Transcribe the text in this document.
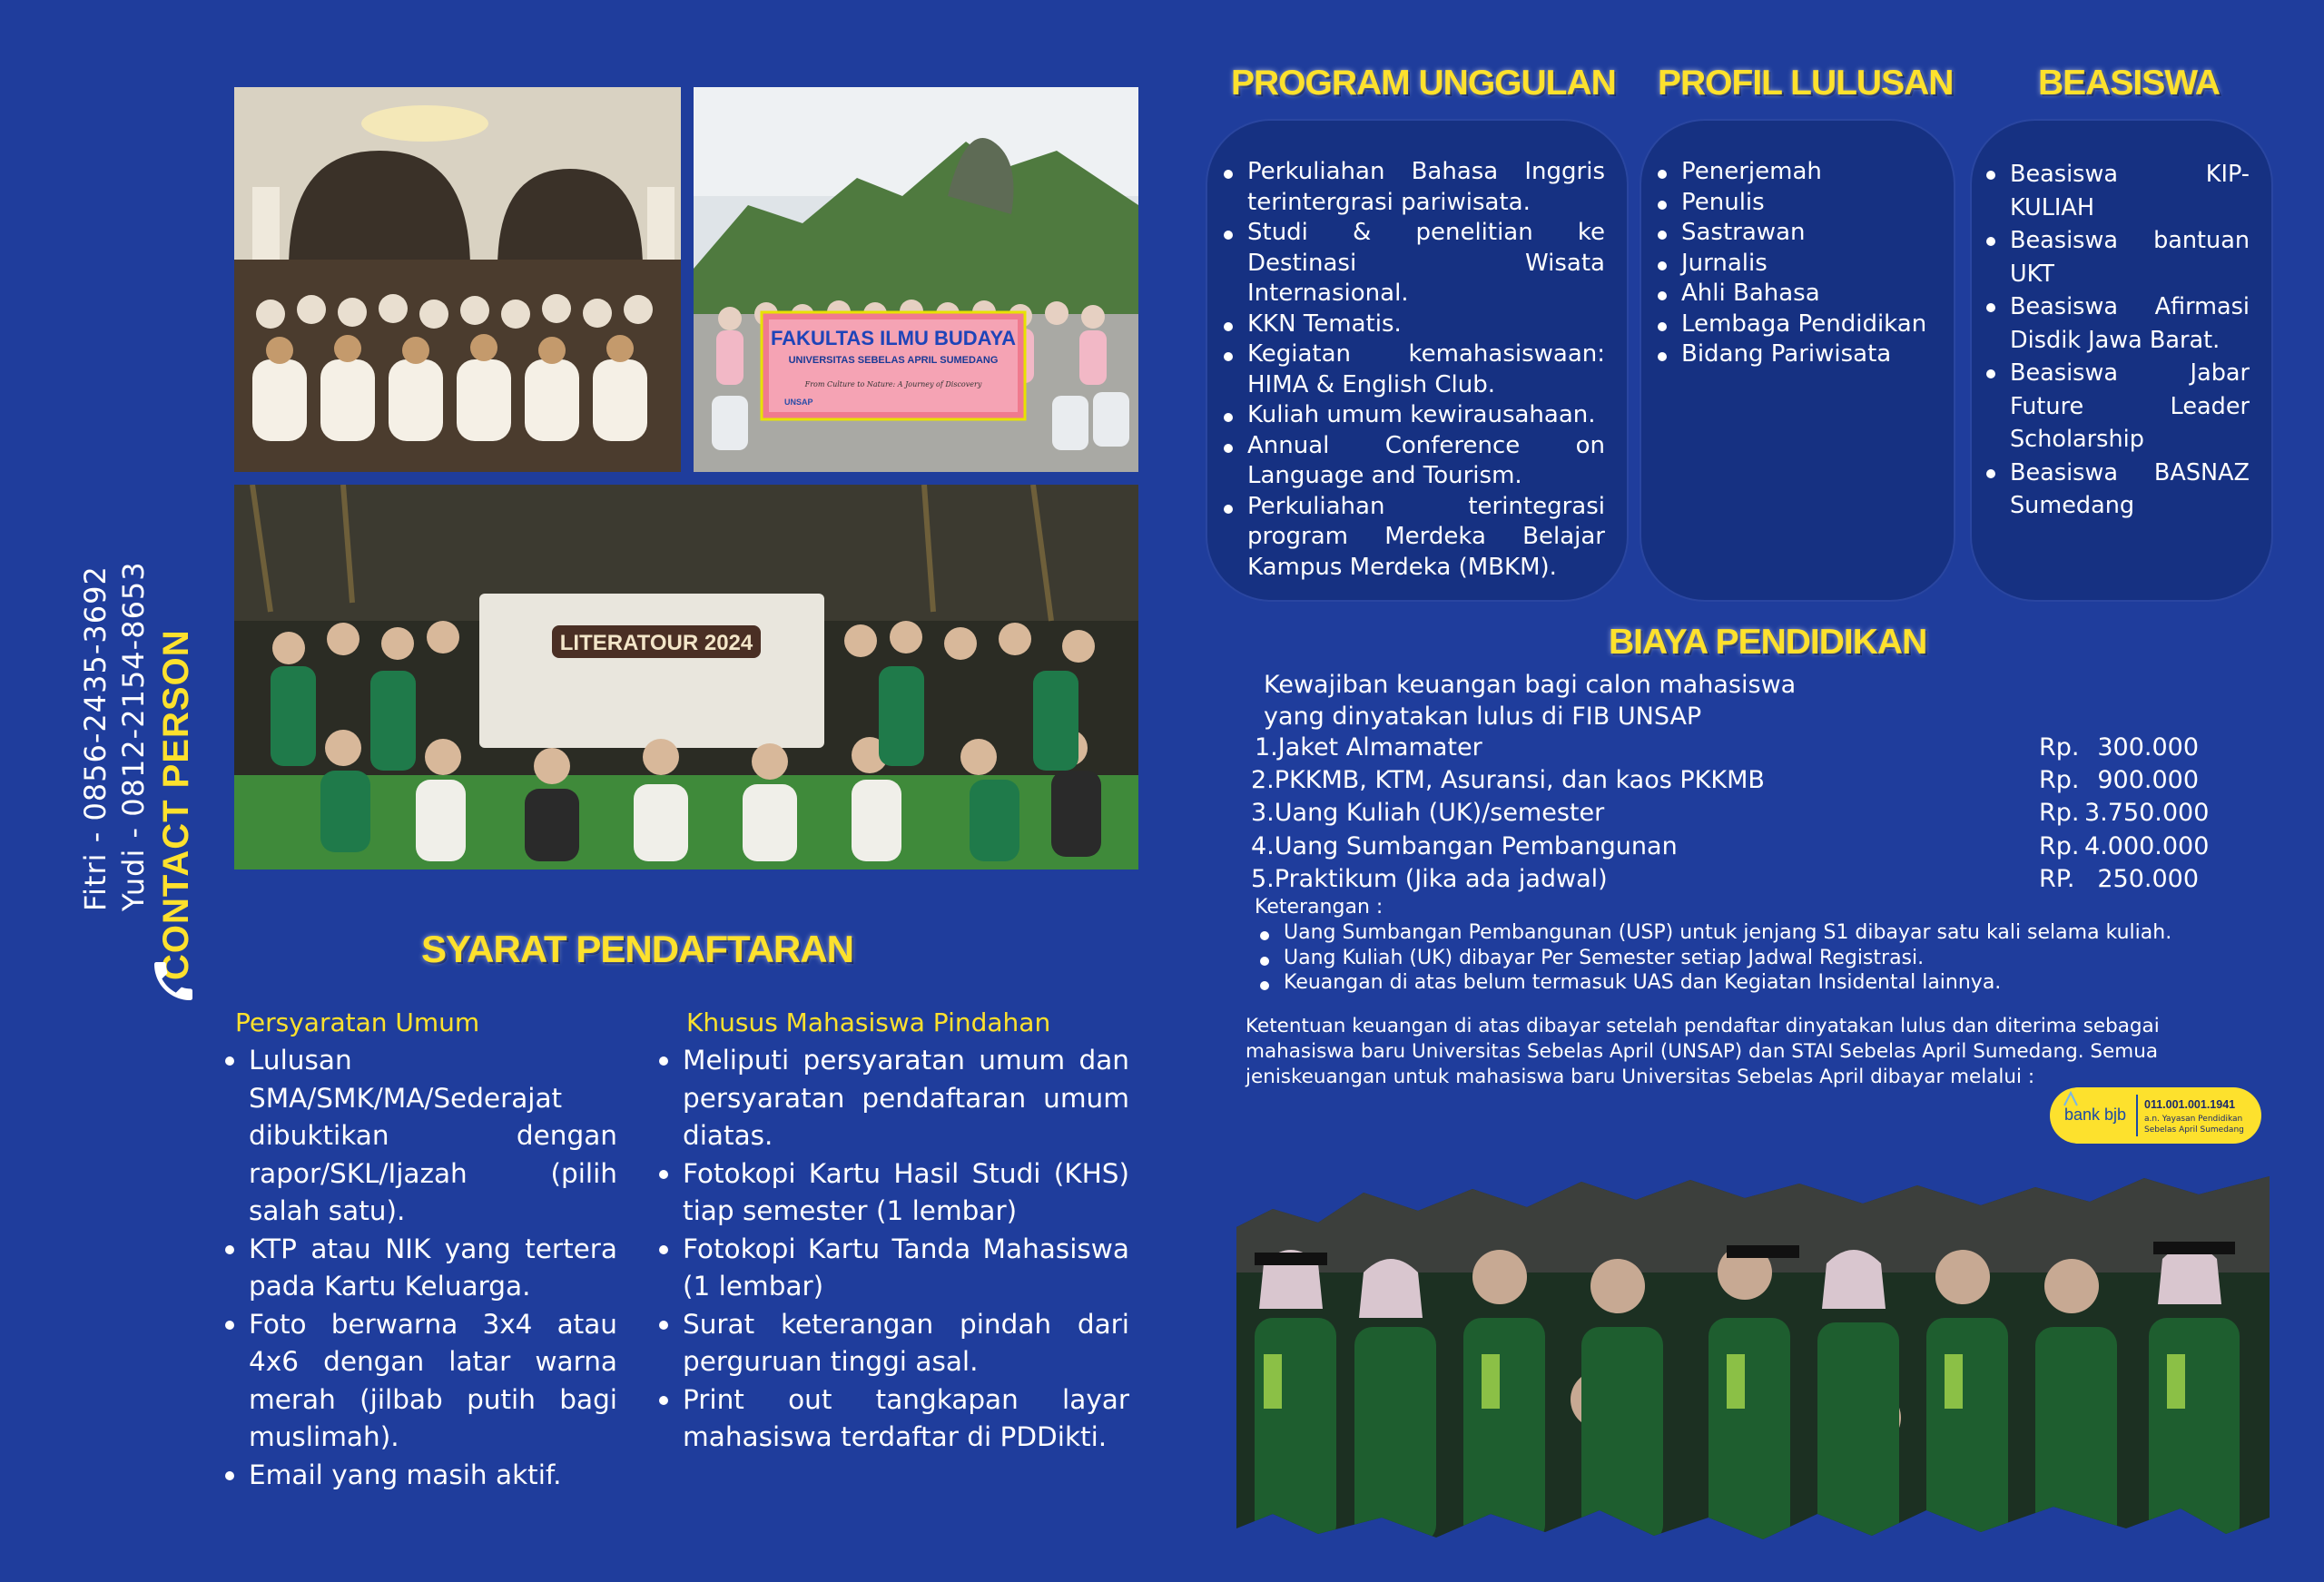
CONTACT PERSON
Yudi - 0812-2154-8653
Fitri - 0856-2435-3692
FAKULTAS ILMU BUDAYA
UNIVERSITAS SEBELAS APRIL SUMEDANG
From Culture to Nature: A Journey of Discovery
UNSAP
LITERATOUR 2024
PROGRAM UNGGULAN
Perkuliahan Bahasa Inggris terintergrasi pariwisata.
Studi & penelitian ke Destinasi Wisata Internasional.
KKN Tematis.
Kegiatan kemahasiswaan: HIMA & English Club.
Kuliah umum kewirausahaan.
Annual Conference on Language and Tourism.
Perkuliahan terintegrasi program Merdeka Belajar Kampus Merdeka (MBKM).
PROFIL LULUSAN
Penerjemah
Penulis
Sastrawan
Jurnalis
Ahli Bahasa
Lembaga Pendidikan
Bidang Pariwisata
BEASISWA
Beasiswa KIP-KULIAH
Beasiswa bantuan UKT
Beasiswa Afirmasi Disdik Jawa Barat.
Beasiswa Jabar Future Leader Scholarship
Beasiswa BASNAZ Sumedang
BIAYA PENDIDIKAN
Kewajiban keuangan bagi calon mahasiswa
yang dinyatakan lulus di FIB UNSAP
1.Jaket Almamater	Rp. 300.000
2.PKKMB, KTM, Asuransi, dan kaos PKKMB	Rp. 900.000
3.Uang Kuliah (UK)/semester	Rp. 3.750.000
4.Uang Sumbangan Pembangunan	Rp. 4.000.000
5.Praktikum (Jika ada jadwal)	RP. 250.000
Keterangan :
Uang Sumbangan Pembangunan (USP) untuk jenjang S1 dibayar satu kali selama kuliah.
Uang Kuliah (UK) dibayar Per Semester setiap Jadwal Registrasi.
Keuangan di atas belum termasuk UAS dan Kegiatan Insidental lainnya.
Ketentuan keuangan di atas dibayar setelah pendaftar dinyatakan lulus dan diterima sebagai
mahasiswa baru Universitas Sebelas April (UNSAP) dan STAI Sebelas April Sumedang. Semua
jeniskeuangan untuk mahasiswa baru Universitas Sebelas April dibayar melalui :
bank bjb
011.001.001.1941
a.n. Yayasan Pendidikan
Sebelas April Sumedang
SYARAT PENDAFTARAN
Persyaratan Umum
Lulusan SMA/SMK/MA/Sederajat dibuktikan dengan rapor/SKL/Ijazah (pilih salah satu).
KTP atau NIK yang tertera pada Kartu Keluarga.
Foto berwarna 3x4 atau 4x6 dengan latar warna merah (jilbab putih bagi muslimah).
Email yang masih aktif.
Khusus Mahasiswa Pindahan
Meliputi persyaratan umum dan persyaratan pendaftaran umum diatas.
Fotokopi Kartu Hasil Studi (KHS) tiap semester (1 lembar)
Fotokopi Kartu Tanda Mahasiswa (1 lembar)
Surat keterangan pindah dari perguruan tinggi asal.
Print out tangkapan layar mahasiswa terdaftar di PDDikti.
